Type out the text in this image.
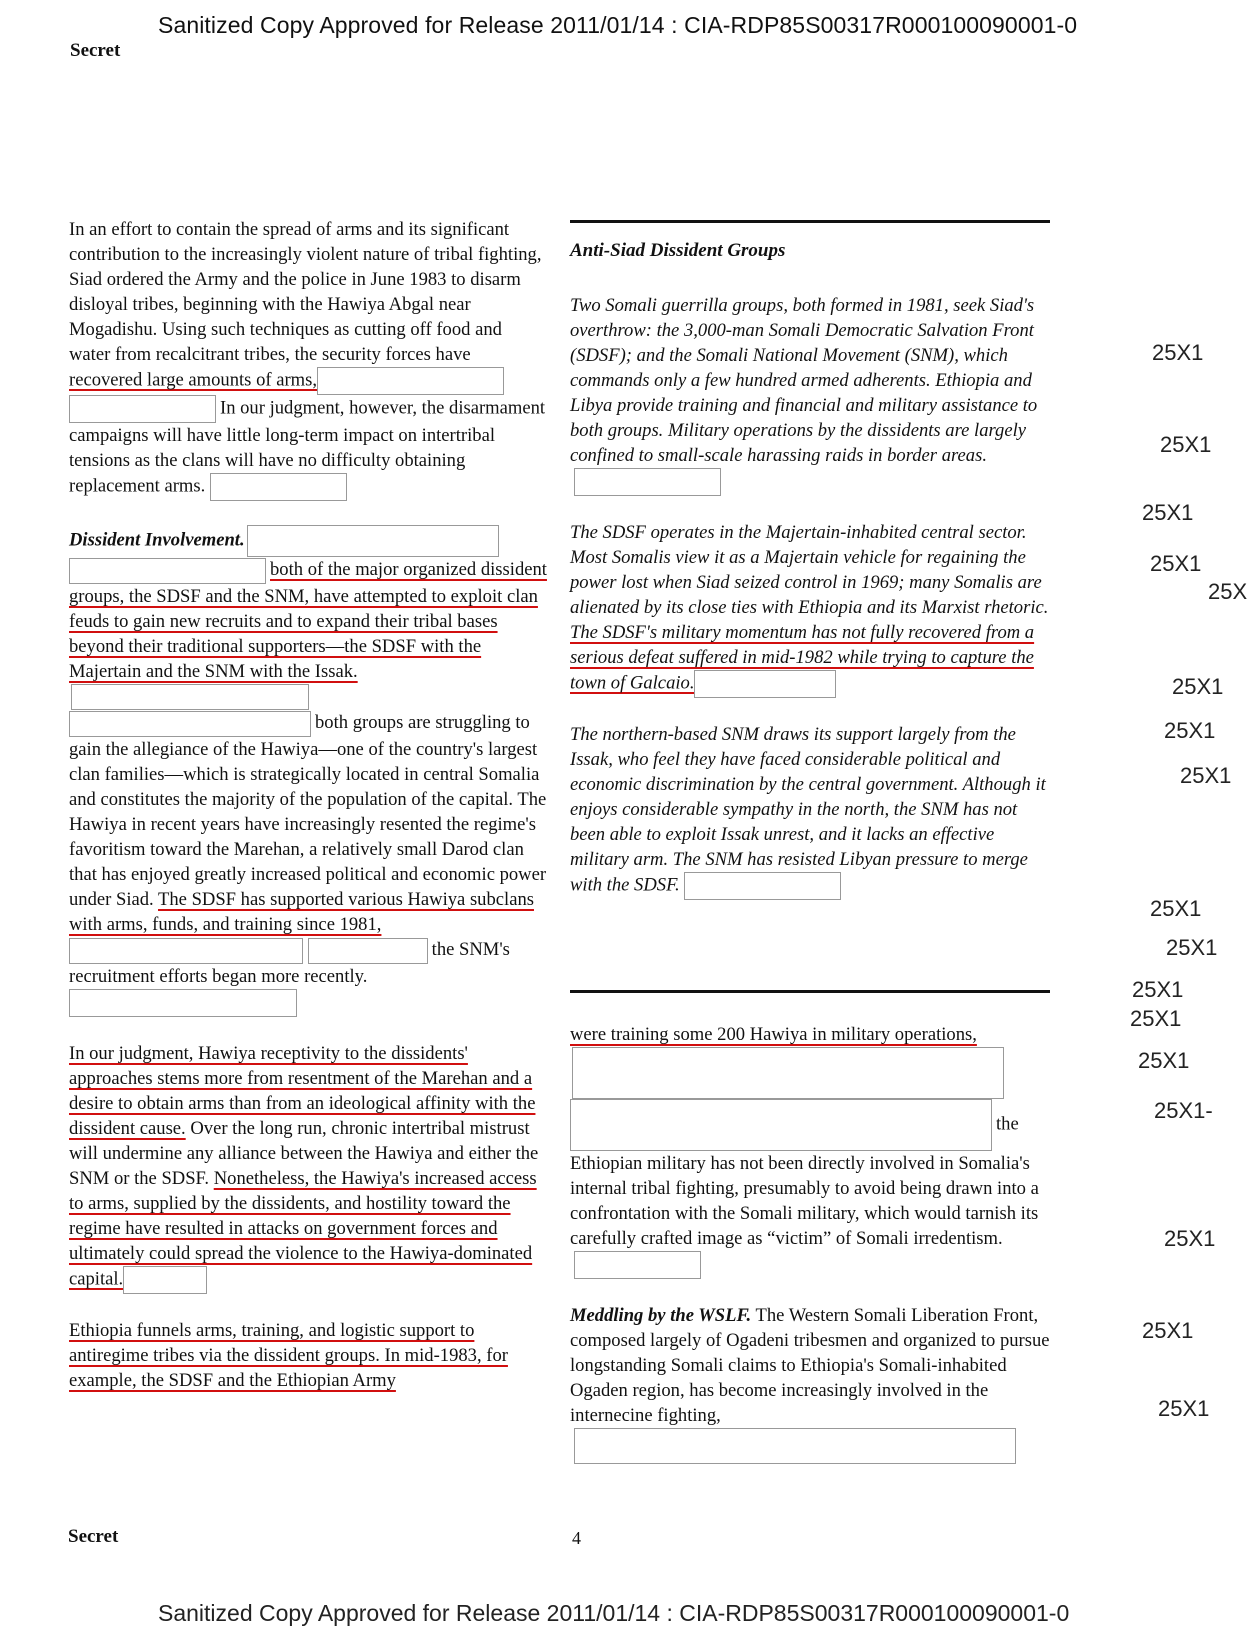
Sanitized Copy Approved for Release 2011/01/14 : CIA-RDP85S00317R000100090001-0
Secret

In an effort to contain the spread of arms and its significant contribution to the increasingly violent nature of tribal fighting, Siad ordered the Army and the police in June 1983 to disarm disloyal tribes, beginning with the Hawiya Abgal near Mogadishu. Using such techniques as cutting off food and water from recalcitrant tribes, the security forces have recovered large amounts of arms, In our judgment, however, the disarmament campaigns will have little long-term impact on intertribal tensions as the clans will have no difficulty obtaining replacement arms.

Dissident Involvement. both of the major organized dissident groups, the SDSF and the SNM, have attempted to exploit clan feuds to gain new recruits and to expand their tribal bases beyond their traditional supporters—the SDSF with the Majertain and the SNM with the Issak. both groups are struggling to gain the allegiance of the Hawiya—one of the country's largest clan families—which is strategically located in central Somalia and constitutes the majority of the population of the capital. The Hawiya in recent years have increasingly resented the regime's favoritism toward the Marehan, a relatively small Darod clan that has enjoyed greatly increased political and economic power under Siad. The SDSF has supported various Hawiya subclans with arms, funds, and training since 1981, the SNM's recruitment efforts began more recently.

In our judgment, Hawiya receptivity to the dissidents' approaches stems more from resentment of the Marehan and a desire to obtain arms than from an ideological affinity with the dissident cause. Over the long run, chronic intertribal mistrust will undermine any alliance between the Hawiya and either the SNM or the SDSF. Nonetheless, the Hawiya's increased access to arms, supplied by the dissidents, and hostility toward the regime have resulted in attacks on government forces and ultimately could spread the violence to the Hawiya-dominated capital.

Ethiopia funnels arms, training, and logistic support to antiregime tribes via the dissident groups. In mid-1983, for example, the SDSF and the Ethiopian Army

Anti-Siad Dissident Groups

Two Somali guerrilla groups, both formed in 1981, seek Siad's overthrow: the 3,000-man Somali Democratic Salvation Front (SDSF); and the Somali National Movement (SNM), which commands only a few hundred armed adherents. Ethiopia and Libya provide training and financial and military assistance to both groups. Military operations by the dissidents are largely confined to small-scale harassing raids in border areas.

The SDSF operates in the Majertain-inhabited central sector. Most Somalis view it as a Majertain vehicle for regaining the power lost when Siad seized control in 1969; many Somalis are alienated by its close ties with Ethiopia and its Marxist rhetoric. The SDSF's military momentum has not fully recovered from a serious defeat suffered in mid-1982 while trying to capture the town of Galcaio.

The northern-based SNM draws its support largely from the Issak, who feel they have faced considerable political and economic discrimination by the central government. Although it enjoys considerable sympathy in the north, the SNM has not been able to exploit Issak unrest, and it lacks an effective military arm. The SNM has resisted Libyan pressure to merge with the SDSF.

were training some 200 Hawiya in military operations, the Ethiopian military has not been directly involved in Somalia's internal tribal fighting, presumably to avoid being drawn into a confrontation with the Somali military, which would tarnish its carefully crafted image as “victim” of Somali irredentism.

Meddling by the WSLF. The Western Somali Liberation Front, composed largely of Ogadeni tribesmen and organized to pursue longstanding Somali claims to Ethiopia's Somali-inhabited Ogaden region, has become increasingly involved in the internecine fighting,

25X1
25X1
25X1
25X1
25X
25X1
25X1
25X1
25X1
25X1
25X1
25X1
25X1
25X1-
25X1
25X1
25X1
Secret	4
Sanitized Copy Approved for Release 2011/01/14 : CIA-RDP85S00317R000100090001-0
